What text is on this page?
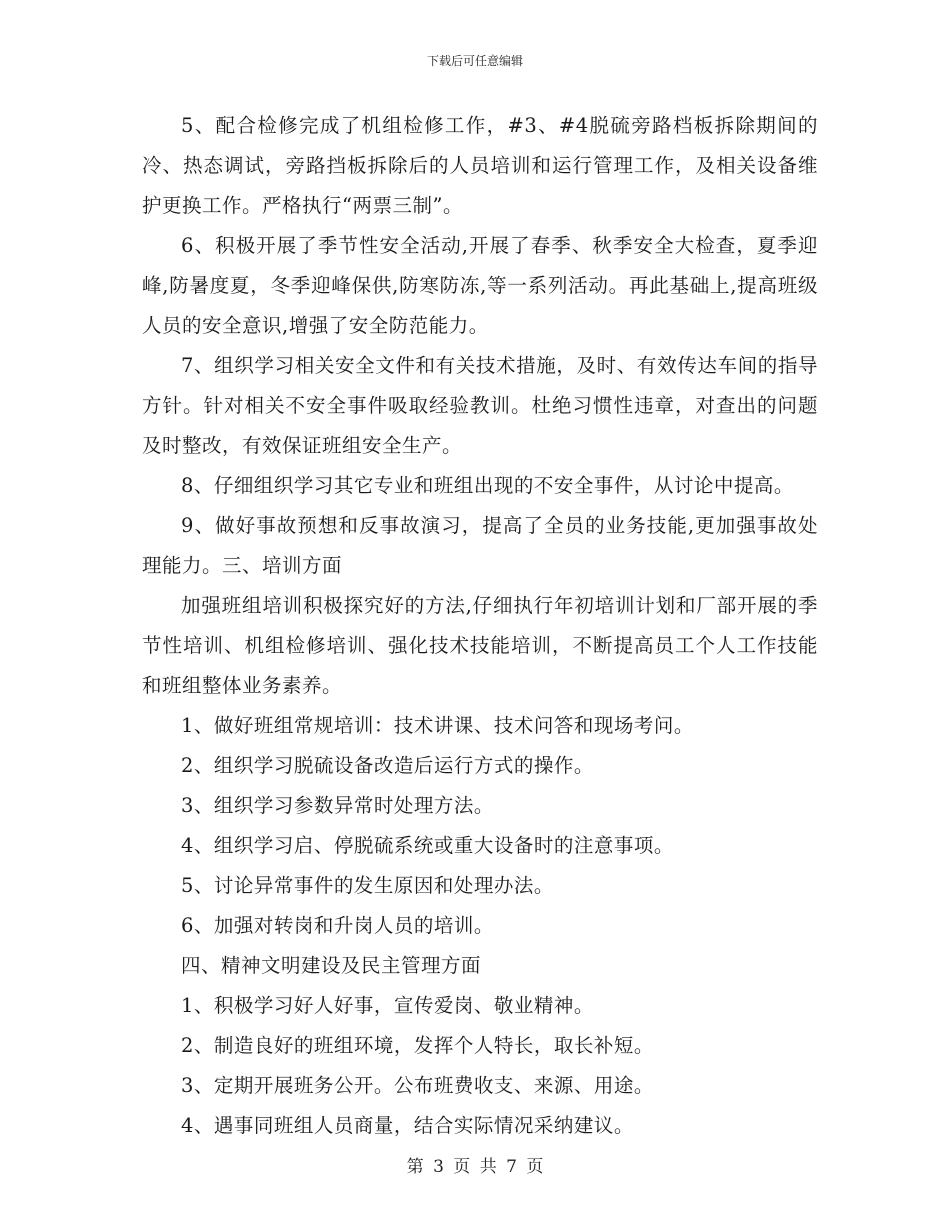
下载后可任意编辑

5、配合检修完成了机组检修工作，#3、#4脱硫旁路档板拆除期间的冷、热态调试，旁路挡板拆除后的人员培训和运行管理工作，及相关设备维护更换工作。严格执行“两票三制”。

6、积极开展了季节性安全活动,开展了春季、秋季安全大检查，夏季迎峰,防暑度夏，冬季迎峰保供,防寒防冻,等一系列活动。再此基础上,提高班级人员的安全意识,增强了安全防范能力。

7、组织学习相关安全文件和有关技术措施，及时、有效传达车间的指导方针。针对相关不安全事件吸取经验教训。杜绝习惯性违章，对查出的问题及时整改，有效保证班组安全生产。

8、仔细组织学习其它专业和班组出现的不安全事件，从讨论中提高。

9、做好事故预想和反事故演习，提高了全员的业务技能,更加强事故处理能力。三、培训方面

加强班组培训积极探究好的方法,仔细执行年初培训计划和厂部开展的季节性培训、机组检修培训、强化技术技能培训，不断提高员工个人工作技能和班组整体业务素养。

1、做好班组常规培训：技术讲课、技术问答和现场考问。

2、组织学习脱硫设备改造后运行方式的操作。

3、组织学习参数异常时处理方法。

4、组织学习启、停脱硫系统或重大设备时的注意事项。

5、讨论异常事件的发生原因和处理办法。

6、加强对转岗和升岗人员的培训。

四、精神文明建设及民主管理方面

1、积极学习好人好事，宣传爱岗、敬业精神。

2、制造良好的班组环境，发挥个人特长，取长补短。

3、定期开展班务公开。公布班费收支、来源、用途。

4、遇事同班组人员商量，结合实际情况采纳建议。

第 3 页 共 7 页
